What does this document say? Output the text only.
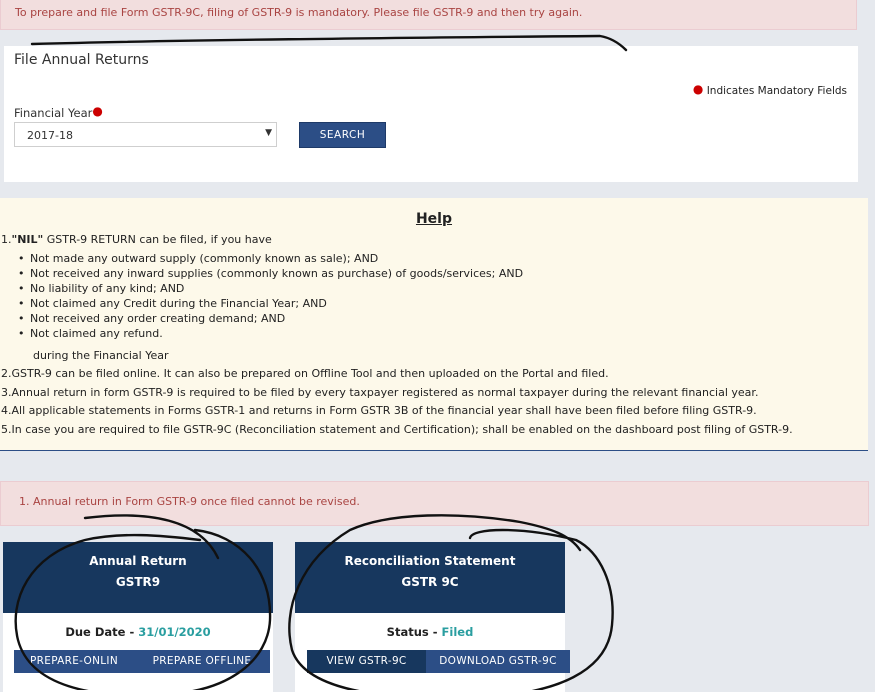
To prepare and file Form GSTR-9C, filing of GSTR-9 is mandatory. Please file GSTR-9 and then try again.
File Annual Returns
● Indicates Mandatory Fields
Financial Year●
2017-18	▼	SEARCH
Help
1."NIL" GSTR-9 RETURN can be filed, if you have
• Not made any outward supply (commonly known as sale); AND
• Not received any inward supplies (commonly known as purchase) of goods/services; AND
• No liability of any kind; AND
• Not claimed any Credit during the Financial Year; AND
• Not received any order creating demand; AND
• Not claimed any refund.
during the Financial Year
2.GSTR-9 can be filed online. It can also be prepared on Offline Tool and then uploaded on the Portal and filed.
3.Annual return in form GSTR-9 is required to be filed by every taxpayer registered as normal taxpayer during the relevant financial year.
4.All applicable statements in Forms GSTR-1 and returns in Form GSTR 3B of the financial year shall have been filed before filing GSTR-9.
5.In case you are required to file GSTR-9C (Reconciliation statement and Certification); shall be enabled on the dashboard post filing of GSTR-9.
1. Annual return in Form GSTR-9 once filed cannot be revised.
Annual Return
GSTR9
Due Date - 31/01/2020
PREPARE-ONLIN	PREPARE OFFLINE
Reconciliation Statement
GSTR 9C
Status - Filed
VIEW GSTR-9C	DOWNLOAD GSTR-9C
